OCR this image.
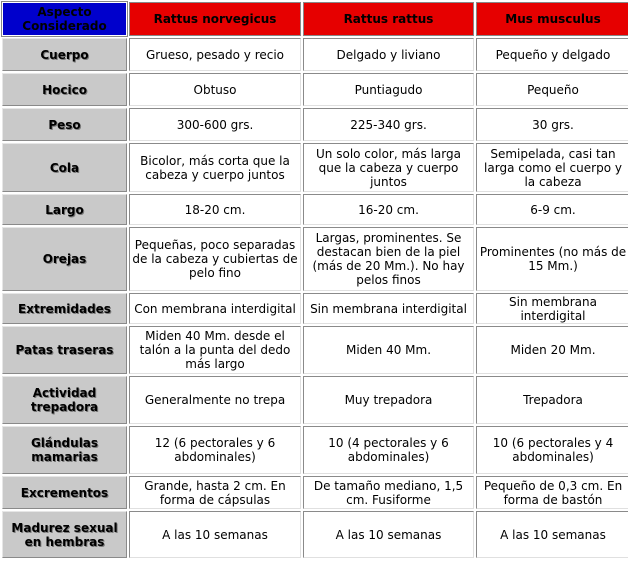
Aspecto Considerado	Rattus norvegicus	Rattus rattus	Mus musculus
Cuerpo	Grueso, pesado y recio	Delgado y liviano	Pequeño y delgado
Hocico	Obtuso	Puntiagudo	Pequeño
Peso	300-600 grs.	225-340 grs.	30 grs.
Cola	Bicolor, más corta que la cabeza y cuerpo juntos	Un solo color, más larga que la cabeza y cuerpo juntos	Semipelada, casi tan larga como el cuerpo y la cabeza
Largo	18-20 cm.	16-20 cm.	6-9 cm.
Orejas	Pequeñas, poco separadas de la cabeza y cubiertas de pelo fino	Largas, prominentes. Se destacan bien de la piel (más de 20 Mm.). No hay pelos finos	Prominentes (no más de 15 Mm.)
Extremidades	Con membrana interdigital	Sin membrana interdigital	Sin membrana interdigital
Patas traseras	Miden 40 Mm. desde el talón a la punta del dedo más largo	Miden 40 Mm.	Miden 20 Mm.
Actividad trepadora	Generalmente no trepa	Muy trepadora	Trepadora
Glándulas mamarias	12 (6 pectorales y 6 abdominales)	10 (4 pectorales y 6 abdominales)	10 (6 pectorales y 4 abdominales)
Excrementos	Grande, hasta 2 cm. En forma de cápsulas	De tamaño mediano, 1,5 cm. Fusiforme	Pequeño de 0,3 cm. En forma de bastón
Madurez sexual en hembras	A las 10 semanas	A las 10 semanas	A las 10 semanas
